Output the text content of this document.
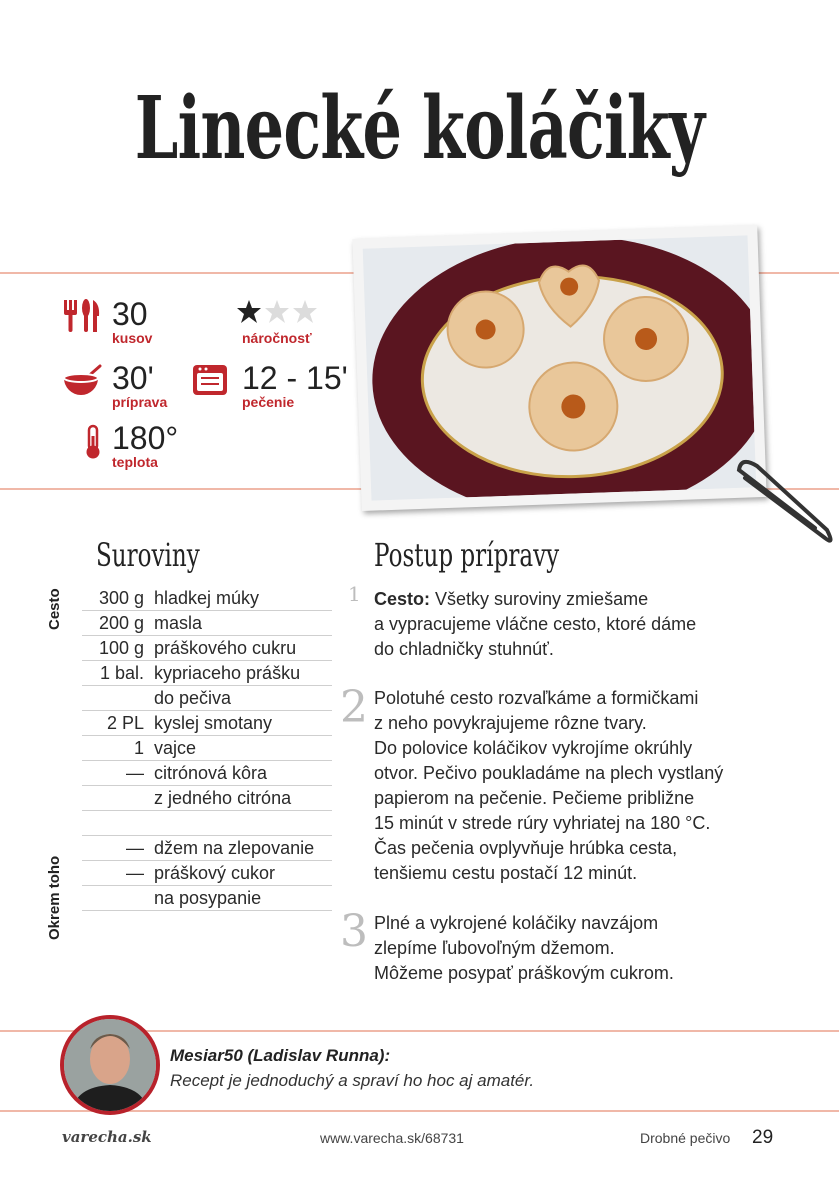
Linecké koláčiky
30
kusov	náročnosť
30'
príprava
12 - 15'
pečenie
180°
teplota
Suroviny
Cesto
Okrem toho
300 g hladkej múky
200 g masla
100 g práškového cukru
1 bal. kypriaceho prášku
do pečiva
2 PL kyslej smotany
1 vajce
— citrónová kôra
z jedného citróna
— džem na zlepovanie
— práškový cukor
na posypanie
Postup prípravy
1 Cesto: Všetky suroviny zmiešame
a vypracujeme vláčne cesto, ktoré dáme
do chladničky stuhnúť.
2 Polotuhé cesto rozvaľkáme a formičkami
z neho povykrajujeme rôzne tvary.
Do polovice koláčikov vykrojíme okrúhly
otvor. Pečivo poukladáme na plech vystlaný
papierom na pečenie. Pečieme približne
15 minút v strede rúry vyhriatej na 180 °C.
Čas pečenia ovplyvňuje hrúbka cesta,
tenšiemu cestu postačí 12 minút.
3 Plné a vykrojené koláčiky navzájom
zlepíme ľubovoľným džemom.
Môžeme posypať práškovým cukrom.
Mesiar50 (Ladislav Runna):
Recept je jednoduchý a spraví ho hoc aj amatér.
varecha.sk	www.varecha.sk/68731	Drobné pečivo 29
